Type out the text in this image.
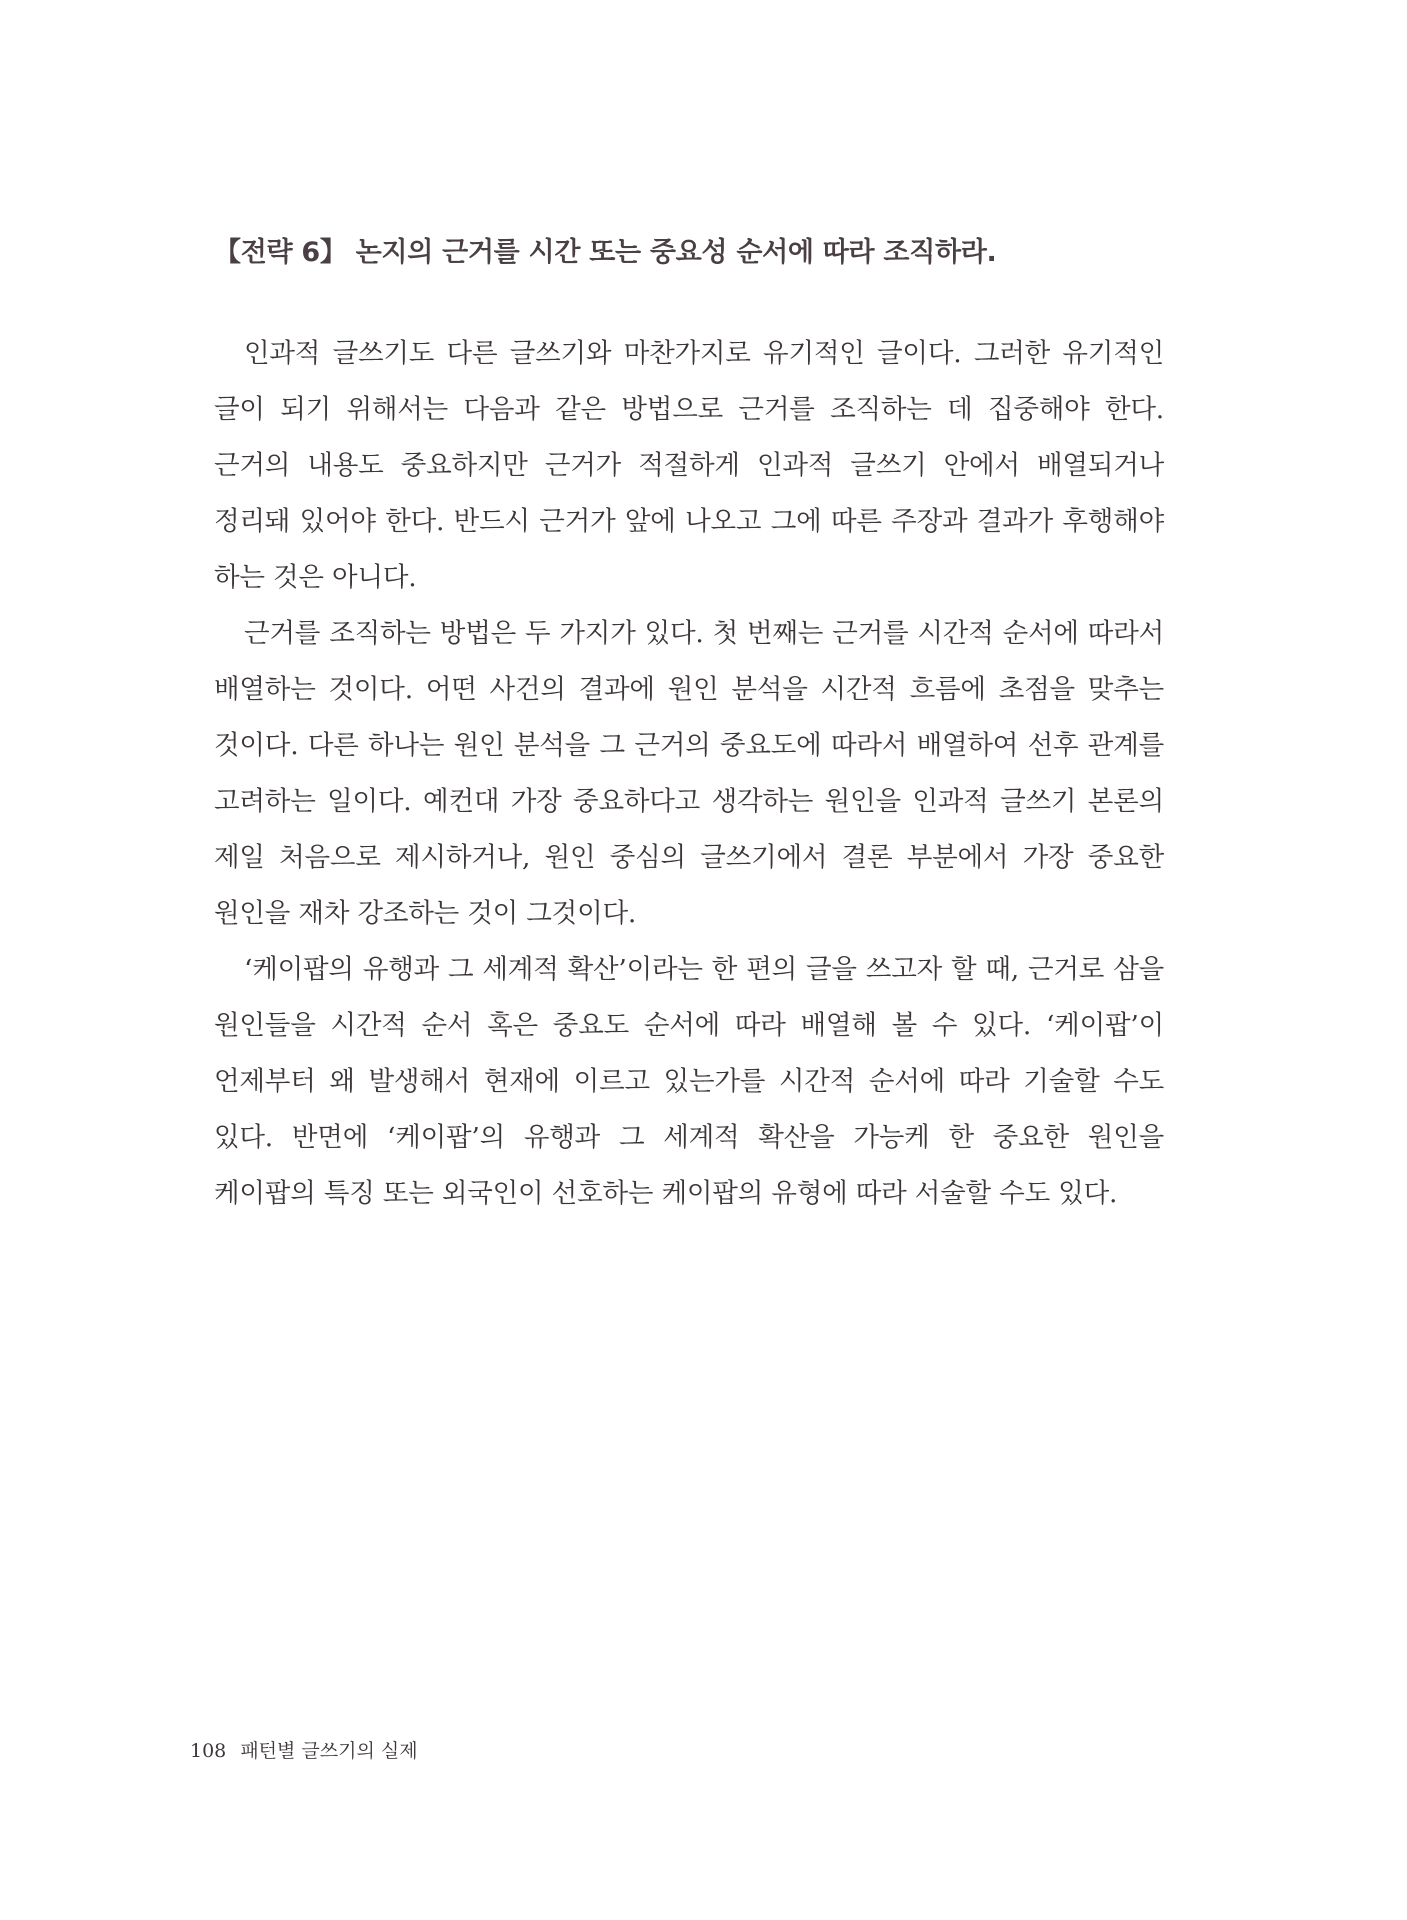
【전략 6】 논지의 근거를 시간 또는 중요성 순서에 따라 조직하라.

인과적 글쓰기도 다른 글쓰기와 마찬가지로 유기적인 글이다. 그러한 유기적인 글이 되기 위해서는 다음과 같은 방법으로 근거를 조직하는 데 집중해야 한다. 근거의 내용도 중요하지만 근거가 적절하게 인과적 글쓰기 안에서 배열되거나 정리돼 있어야 한다. 반드시 근거가 앞에 나오고 그에 따른 주장과 결과가 후행해야 하는 것은 아니다.

근거를 조직하는 방법은 두 가지가 있다. 첫 번째는 근거를 시간적 순서에 따라서 배열하는 것이다. 어떤 사건의 결과에 원인 분석을 시간적 흐름에 초점을 맞추는 것이다. 다른 하나는 원인 분석을 그 근거의 중요도에 따라서 배열하여 선후 관계를 고려하는 일이다. 예컨대 가장 중요하다고 생각하는 원인을 인과적 글쓰기 본론의 제일 처음으로 제시하거나, 원인 중심의 글쓰기에서 결론 부분에서 가장 중요한 원인을 재차 강조하는 것이 그것이다.

‘케이팝의 유행과 그 세계적 확산’이라는 한 편의 글을 쓰고자 할 때, 근거로 삼을 원인들을 시간적 순서 혹은 중요도 순서에 따라 배열해 볼 수 있다. ‘케이팝’이 언제부터 왜 발생해서 현재에 이르고 있는가를 시간적 순서에 따라 기술할 수도 있다. 반면에 ‘케이팝’의 유행과 그 세계적 확산을 가능케 한 중요한 원인을 케이팝의 특징 또는 외국인이 선호하는 케이팝의 유형에 따라 서술할 수도 있다.

108 패턴별 글쓰기의 실제
